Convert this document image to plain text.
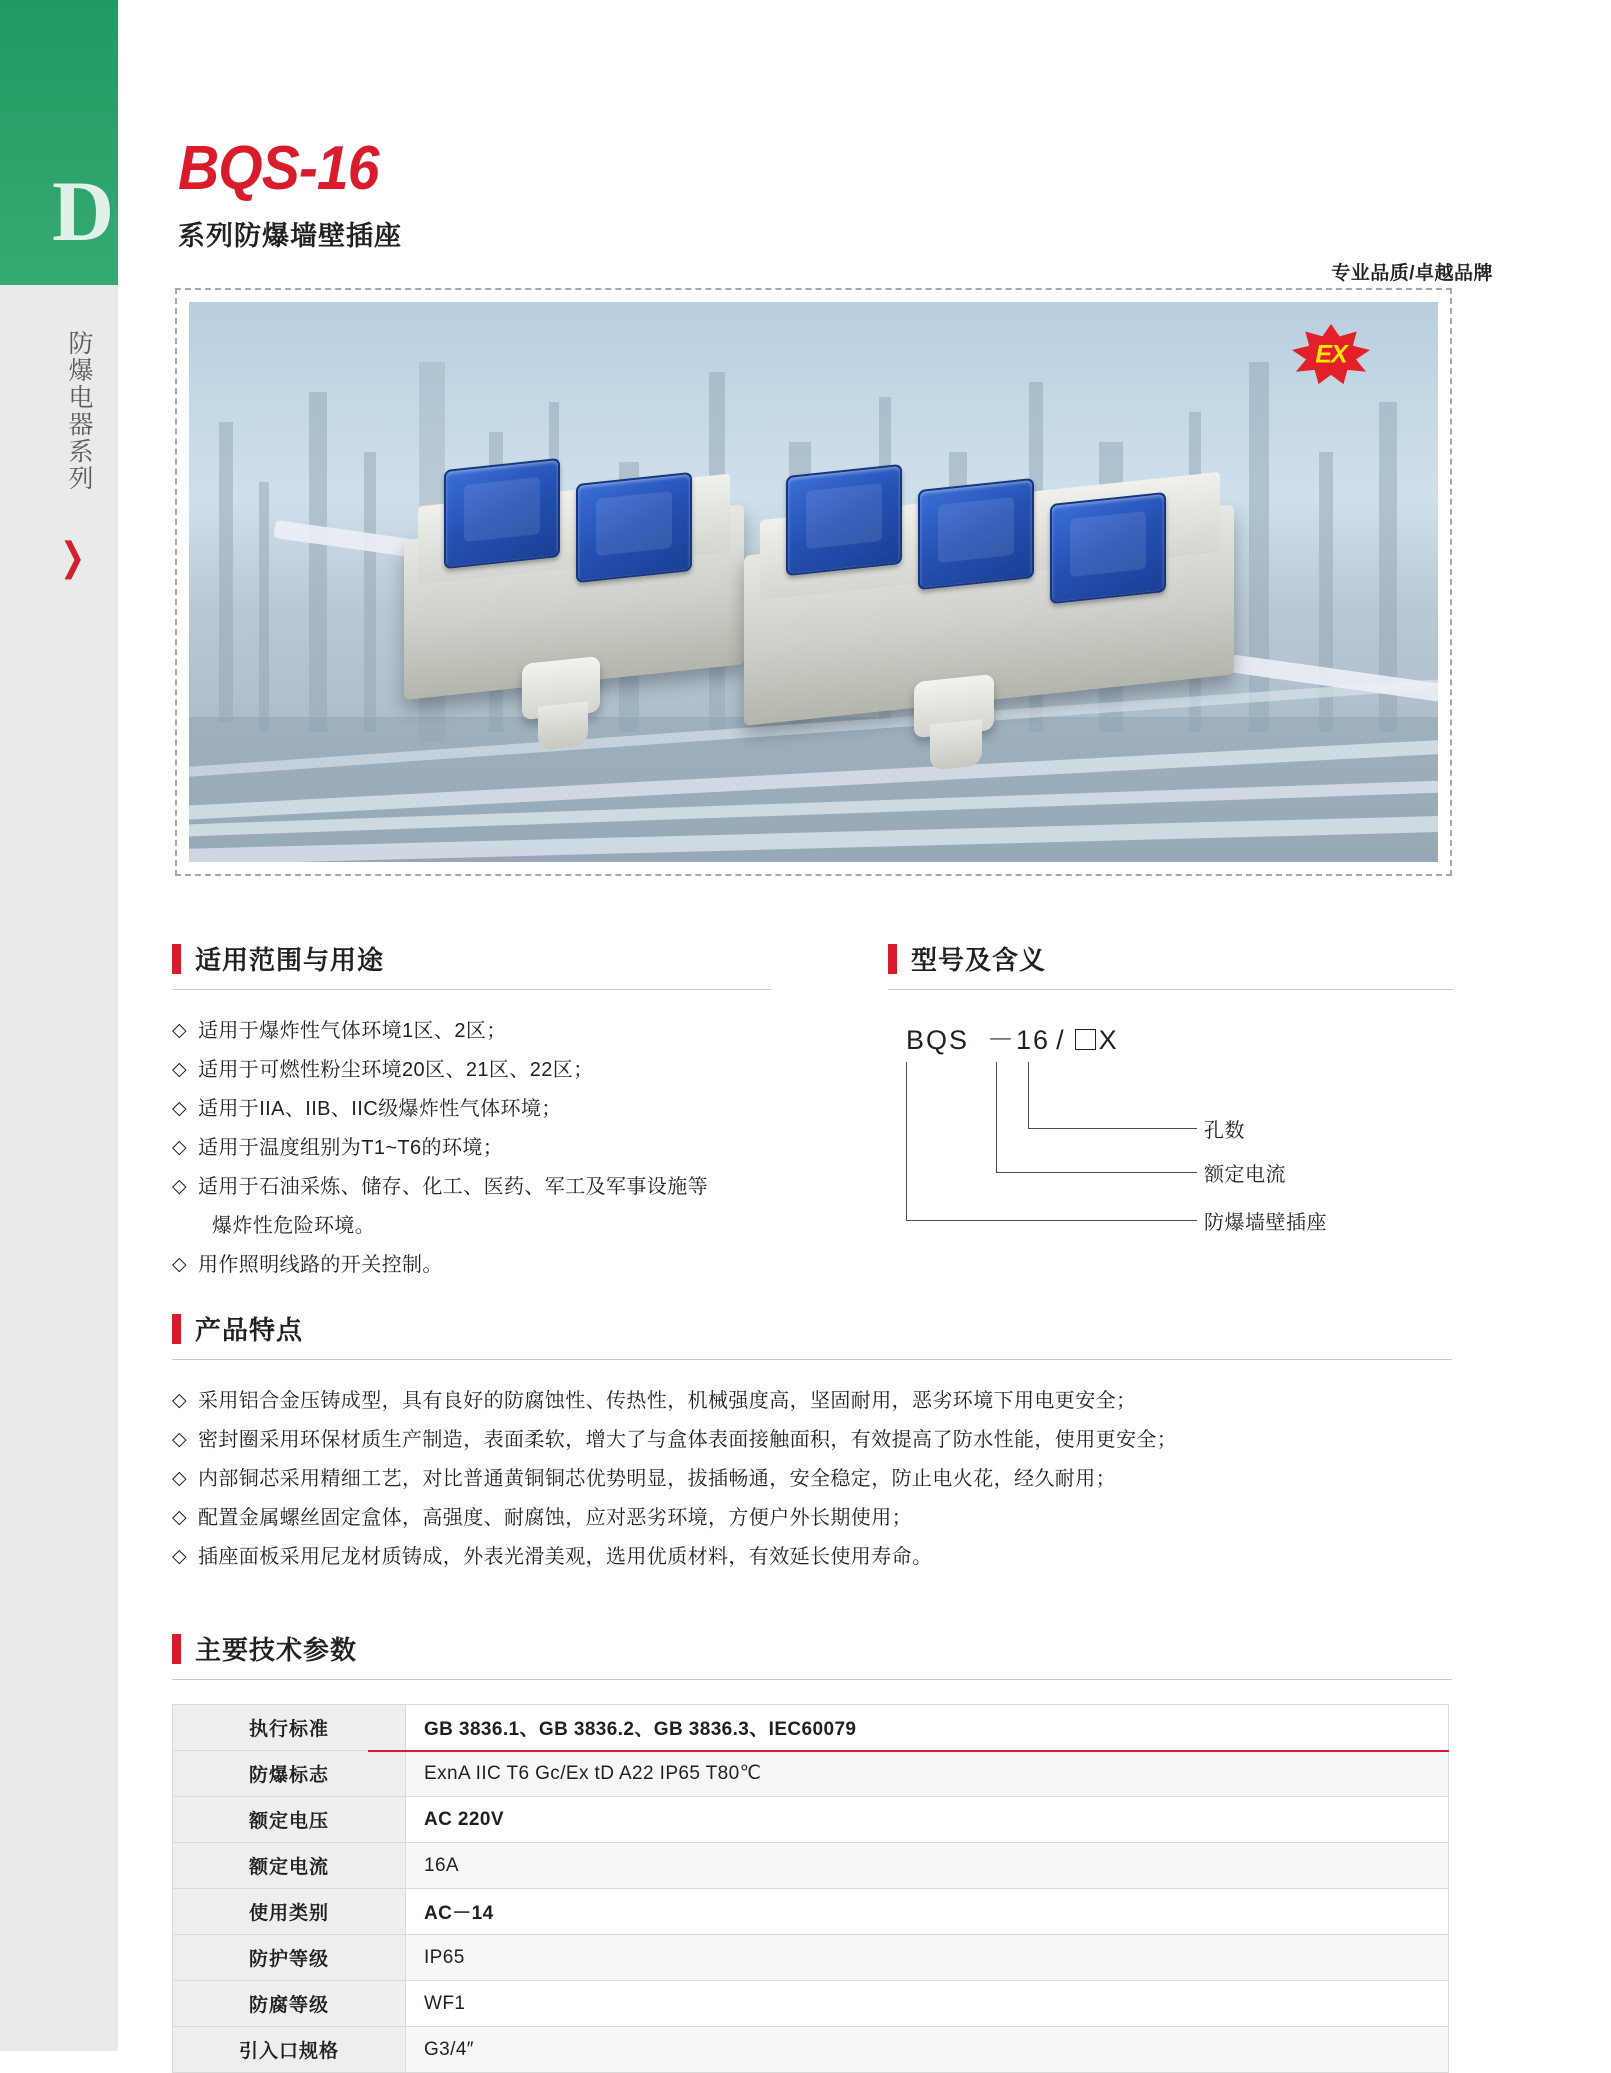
D
防爆电器系列
❯
BQS-16
系列防爆墙壁插座
专业品质/卓越品牌
EX
适用范围与用途
◇ 适用于爆炸性气体环境1区、2区；
◇ 适用于可燃性粉尘环境20区、21区、22区；
◇ 适用于IIA、IIB、IIC级爆炸性气体环境；
◇ 适用于温度组别为T1~T6的环境；
◇ 适用于石油采炼、储存、化工、医药、军工及军事设施等
爆炸性危险环境。
◇ 用作照明线路的开关控制。
型号及含义
BQS －16 / X
孔数
额定电流
防爆墙壁插座
产品特点
◇ 采用铝合金压铸成型，具有良好的防腐蚀性、传热性，机械强度高，坚固耐用，恶劣环境下用电更安全；
◇ 密封圈采用环保材质生产制造，表面柔软，增大了与盒体表面接触面积，有效提高了防水性能，使用更安全；
◇ 内部铜芯采用精细工艺，对比普通黄铜铜芯优势明显，拔插畅通，安全稳定，防止电火花，经久耐用；
◇ 配置金属螺丝固定盒体，高强度、耐腐蚀，应对恶劣环境，方便户外长期使用；
◇ 插座面板采用尼龙材质铸成，外表光滑美观，选用优质材料，有效延长使用寿命。
主要技术参数
执行标准	GB 3836.1、GB 3836.2、GB 3836.3、IEC60079
防爆标志	ExnA IIC T6 Gc/Ex tD A22 IP65 T80℃
额定电压	AC 220V
额定电流	16A
使用类别	AC－14
防护等级	IP65
防腐等级	WF1
引入口规格	G3/4″
